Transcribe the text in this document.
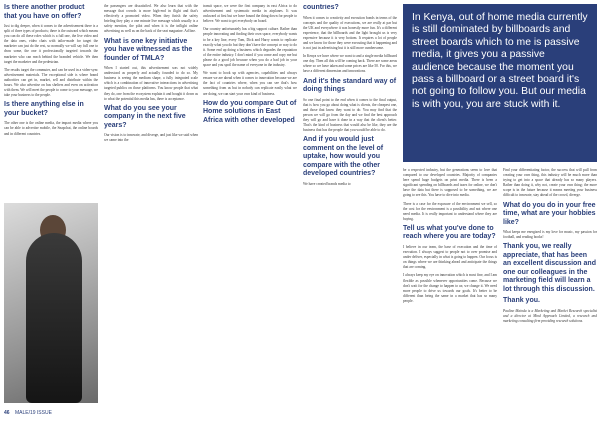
Is there another product that you have on offer?

Just to dig deeper, when it comes to the advertisement there is a split of three types of products; there is the outward which means you can do all these roles which is a full one, the live video and the data ones, video chats with tailor-made for target the marketer can just do the rest, so normally we will say full one to draw some, the one it professionally targeted towards the marketer who can reach behind the branded vehicle. We then target the marketer and the pedestrian.

The results target the commuter, and can be used in a video-sync advertisement materials. The exceptional side is where brand authorities can get in, market, sell and distribute within the hours. We also advertise on bus shelters and even on activation with them. We will meet the people to come to your message, we take your business to the people.

Is there anything else in your bucket?

The other one is the online media, the impact media where you can be able to advertise mobile, the Snapchat, the online boards and in different countries.

the passengers are dissatisfied. We also learn that with the message that crowds is more high-end in flight and that's effectively a promoted video. When they finish the safety briefing they play a one minute live message which usually is a safety mention, the pilot and when it is the inflight online advertising as well as on the back of the seat magazine. Ad line.

What is one key initiative you have witnessed as the founder of TMLA?

When I started out, this advertisement was not widely understood as properly and actually founded to do so. My business is seeing the medium shape, a fully integrated scale which is a combination of innovative interactions in advertising targeted publics on those platforms. You know people that what they do, one from the ecosystem explain it and bought it down as to what the potential this media has, there is acceptance.

What do you see your company in the next five years?

Our vision is to innovate, and diverge, and just like we said when we came into the

transit space, we were the first company in east Africa to do advertisement and systematic media in airplanes. It was awkward at first but we have bound the thing down for people to believe. We want to get everybody on board.

Our country unfortunately has a big support culture. Rather than people innovating and finding their own space, everybody wants to be a key line, every Tom, Dick and Harry wants to replicate exactly what you do but they don't have the concept or way to do it. Some end up doing a business which degrades the reputation of the entire industry. I don't mind if you come and copy me but please do a good job because when you do a bad job in your space and you spoil the name of everyone in the industry.

We want to hook up with agencies, capabilities and always ensure we are ahead when it comes to innovation because we are the fact of countries where, when you can see that's how something from us but in nobody can replicate easily what we are doing, we can start your own kind of business.

How do you compare Out of Home solutions in East Africa with other developed
countries?

When it comes to creativity and execution bonds in terms of the concepts and the quality of executions, we are really at par but the UK and everywhere it was honestly more fun. It's a different experience, that the billboards and the light brought us is very expensive because it is very bottom. It requires a lot of people and we know for those they were executing that it happening and is not just in advertising but it is still more cumbersome.

In Kenya we have where we want to and a single media billboard one day. Then all this will be coming back. There are some areas where so we have taken and some prices are like 50. For this, we have a different dimension and innovations.

And it's the standard way of doing things

So one final point to the end when it comes to the final output, that is how you go about doing what is clients, the cheapest one, and those that know they want to do. You may find that the person we will go from the day and we find the best approach they will go and have it done in a way that the client's better. That's the kind of business that would also be like, they are the business that has the people that you would be able to do.

And if you would just comment on the level of uptake, how would you compare with the other developed countries?

We have created brands media to

In Kenya, out of home media currently is still dominated by billboards and street boards which to me is passive media, it gives you a passive audience because the moment you pass a billboard or a street board it's not going to follow you. But our media is with you, you are stuck with it.

be a respected industry, but the generations seem to love that compared to our developed countries. Majority of companies here spend huge budgets on print media. There is been a significant spending on billboards and taxes for online, we don't have the data but there is supposed to be something, we are going to see this. You have to dive into media.

There is a case for the exposure of the environment we sell, so the cost for the environment is a possibility and not where one need media. It is really important to understand where they are buying.

Tell us what you've done to reach where you are today?

I believe in our team, the base of execution and the time of execution. I always suggest to people not to over promise and under deliver, especially in what is going to happen. Our focus is on things where we are thinking ahead and anticipate the things that are coming.

I always keep my eye on innovation which is most fine, and I am flexible as possible whenever opportunities come. Because we don't wait for the change to happen to us; we change it. We need more people to drive us towards our goals. It's better to be different than being the same in a market that has so many people.

Find your differentiating factor, the success that will pull from creating your own thing, this industry will be much more than trying to get into a space that already has so many players. Rather than doing it, why not, create your own thing; the more scope is in the future because it means meeting your business difficult to innovate, stay ahead of the crowd, diverge.

What do you do in your free time, what are your hobbies like?

What keeps me energized is my love for music, my passion for football, and reading books!

Thank you, we really appreciate, that has been an excellent discussion and one our colleagues in the marketing field will learn a lot through this discussion.
Thank you.

Pauline Mainda is a Marketing and Market Research specialist and a director at Mind Approach Limited, a research and marketing consulting firm providing research solutions.

46 MALE/19 ISSUE
